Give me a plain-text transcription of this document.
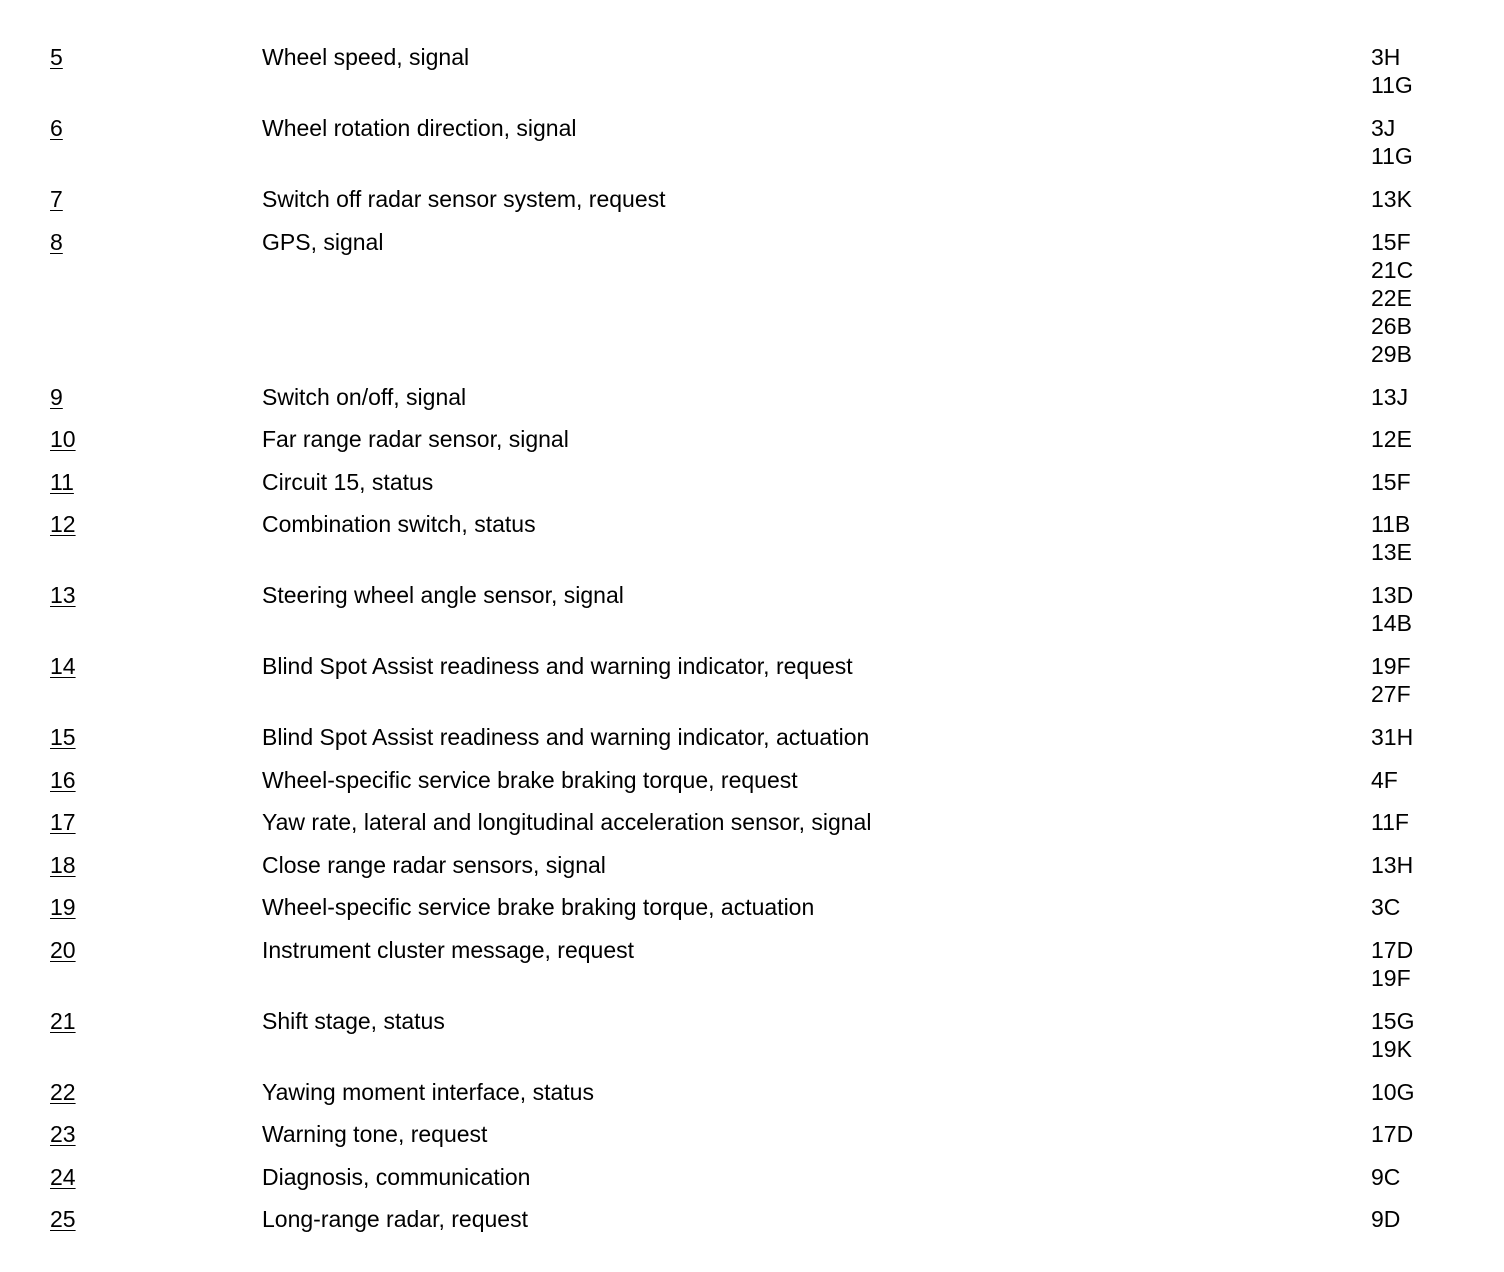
5	Wheel speed, signal	3H
11G
6	Wheel rotation direction, signal	3J
11G
7	Switch off radar sensor system, request	13K
8	GPS, signal	15F
21C
22E
26B
29B
9	Switch on/off, signal	13J
10	Far range radar sensor, signal	12E
11	Circuit 15, status	15F
12	Combination switch, status	11B
13E
13	Steering wheel angle sensor, signal	13D
14B
14	Blind Spot Assist readiness and warning indicator, request	19F
27F
15	Blind Spot Assist readiness and warning indicator, actuation	31H
16	Wheel-specific service brake braking torque, request	4F
17	Yaw rate, lateral and longitudinal acceleration sensor, signal	11F
18	Close range radar sensors, signal	13H
19	Wheel-specific service brake braking torque, actuation	3C
20	Instrument cluster message, request	17D
19F
21	Shift stage, status	15G
19K
22	Yawing moment interface, status	10G
23	Warning tone, request	17D
24	Diagnosis, communication	9C
25	Long-range radar, request	9D
